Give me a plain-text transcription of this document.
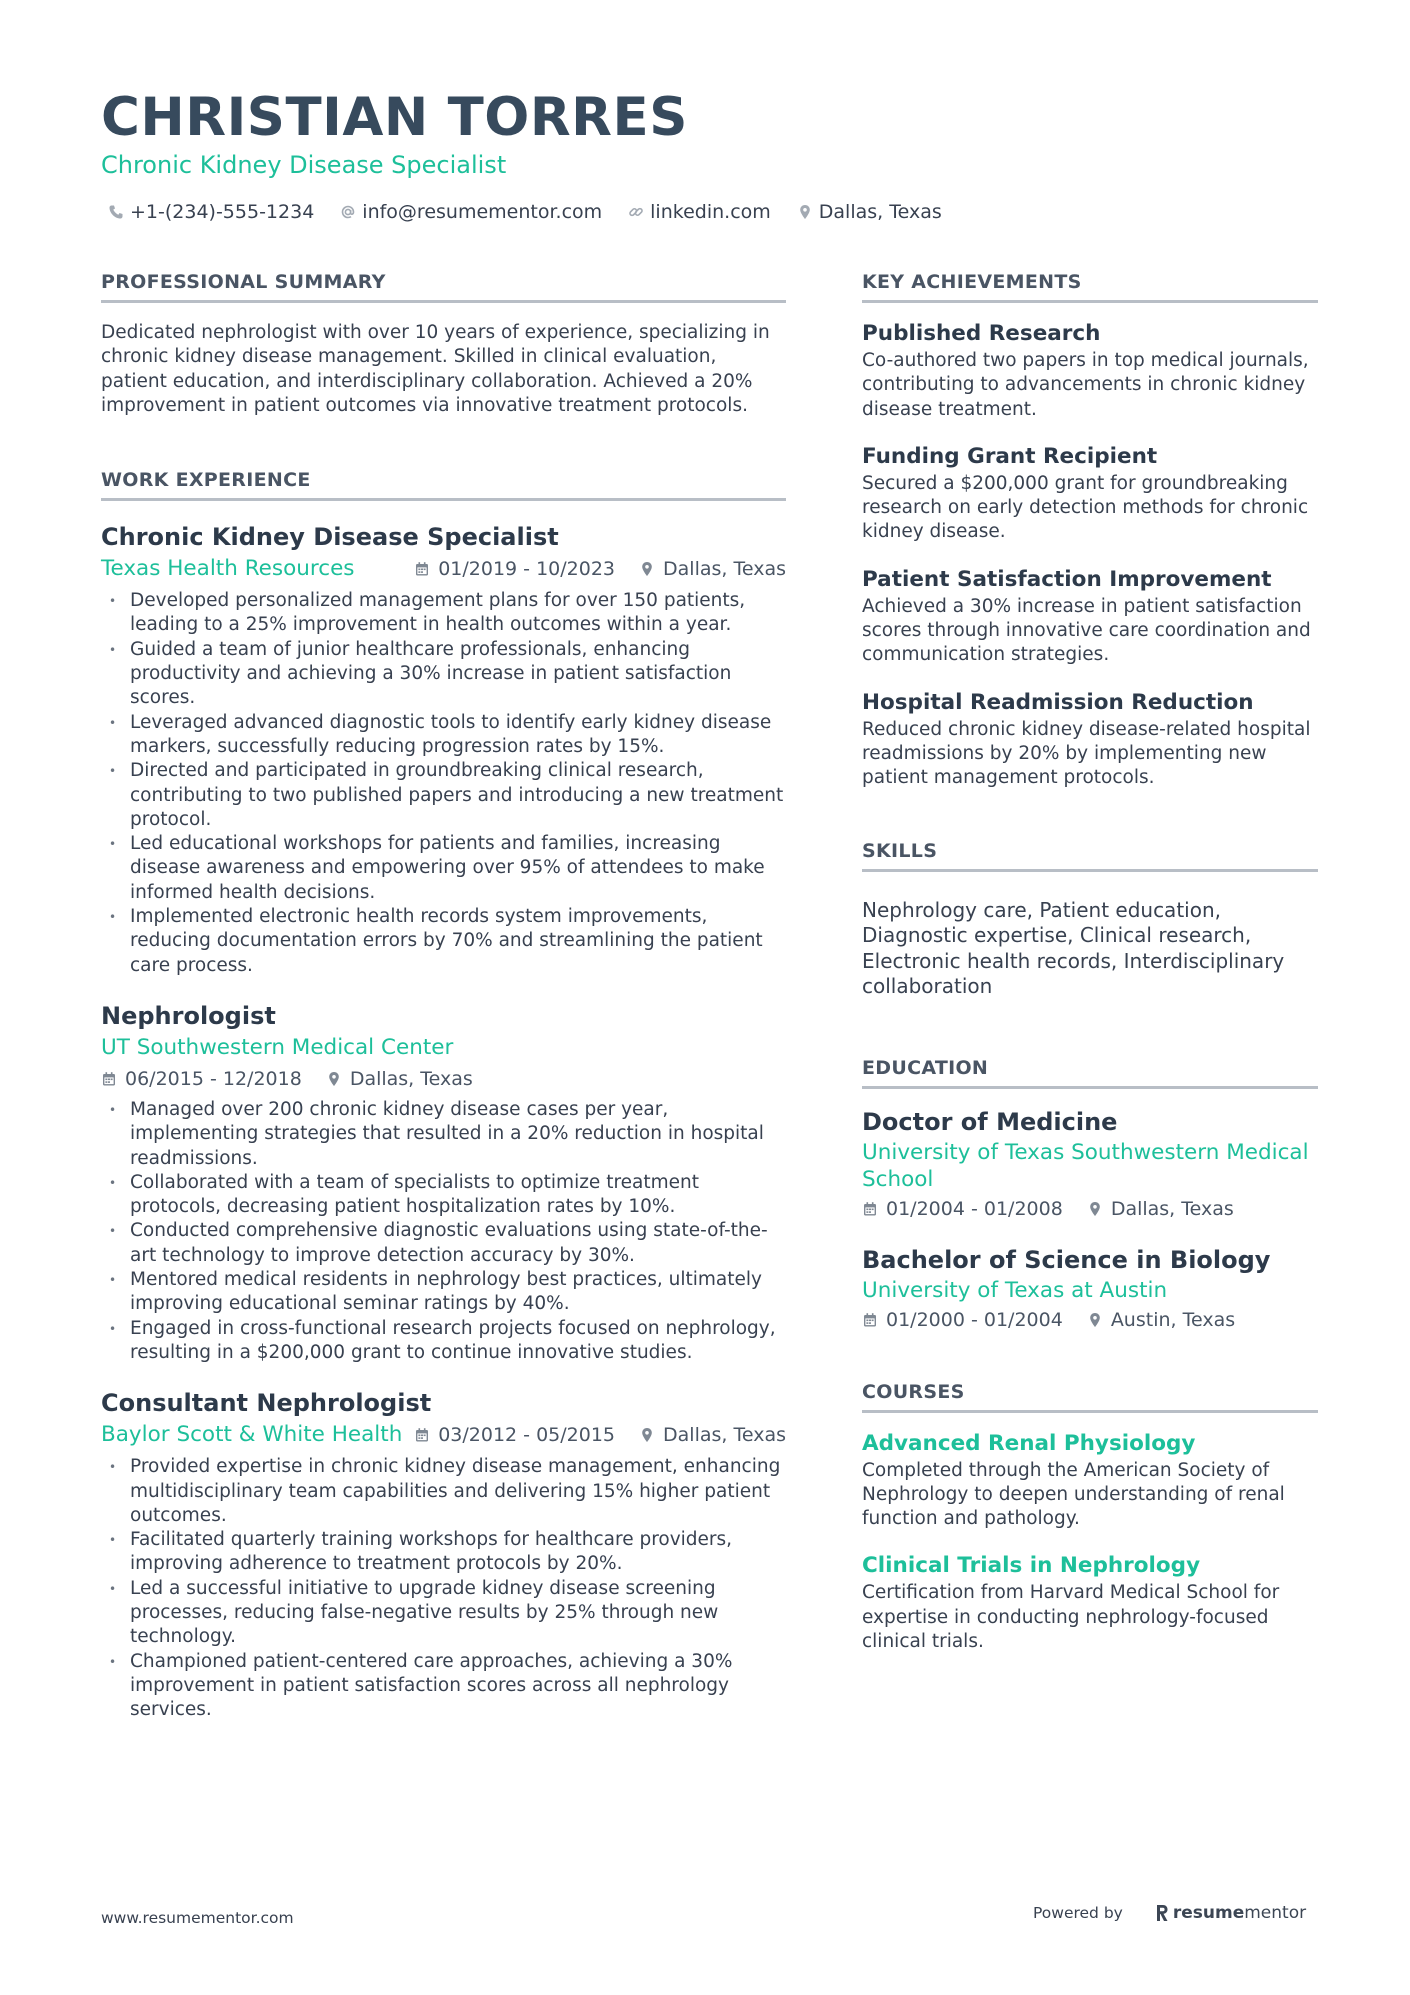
CHRISTIAN TORRES
Chronic Kidney Disease Specialist
+1-(234)-555-1234	info@resumementor.com	linkedin.com	Dallas, Texas
PROFESSIONAL SUMMARY

Dedicated nephrologist with over 10 years of experience, specializing in chronic kidney disease management. Skilled in clinical evaluation, patient education, and interdisciplinary collaboration. Achieved a 20% improvement in patient outcomes via innovative treatment protocols.

WORK EXPERIENCE
Chronic Kidney Disease Specialist
Texas Health Resources	01/2019 - 10/2023	Dallas, Texas
• Developed personalized management plans for over 150 patients, leading to a 25% improvement in health outcomes within a year.
• Guided a team of junior healthcare professionals, enhancing productivity and achieving a 30% increase in patient satisfaction scores.
• Leveraged advanced diagnostic tools to identify early kidney disease markers, successfully reducing progression rates by 15%.
• Directed and participated in groundbreaking clinical research, contributing to two published papers and introducing a new treatment protocol.
• Led educational workshops for patients and families, increasing disease awareness and empowering over 95% of attendees to make informed health decisions.
• Implemented electronic health records system improvements, reducing documentation errors by 70% and streamlining the patient care process.
Nephrologist
UT Southwestern Medical Center
06/2015 - 12/2018	Dallas, Texas
• Managed over 200 chronic kidney disease cases per year, implementing strategies that resulted in a 20% reduction in hospital readmissions.
• Collaborated with a team of specialists to optimize treatment protocols, decreasing patient hospitalization rates by 10%.
• Conducted comprehensive diagnostic evaluations using state-of-the-art technology to improve detection accuracy by 30%.
• Mentored medical residents in nephrology best practices, ultimately improving educational seminar ratings by 40%.
• Engaged in cross-functional research projects focused on nephrology, resulting in a $200,000 grant to continue innovative studies.
Consultant Nephrologist
Baylor Scott & White Health 03/2012 - 05/2015	Dallas, Texas
• Provided expertise in chronic kidney disease management, enhancing multidisciplinary team capabilities and delivering 15% higher patient outcomes.
• Facilitated quarterly training workshops for healthcare providers, improving adherence to treatment protocols by 20%.
• Led a successful initiative to upgrade kidney disease screening processes, reducing false-negative results by 25% through new technology.
• Championed patient-centered care approaches, achieving a 30% improvement in patient satisfaction scores across all nephrology services.
KEY ACHIEVEMENTS
Published Research

Co-authored two papers in top medical journals, contributing to advancements in chronic kidney disease treatment.

Funding Grant Recipient

Secured a $200,000 grant for groundbreaking research on early detection methods for chronic kidney disease.

Patient Satisfaction Improvement

Achieved a 30% increase in patient satisfaction scores through innovative care coordination and communication strategies.

Hospital Readmission Reduction

Reduced chronic kidney disease-related hospital readmissions by 20% by implementing new patient management protocols.

SKILLS

Nephrology care, Patient education, Diagnostic expertise, Clinical research, Electronic health records, Interdisciplinary collaboration

EDUCATION
Doctor of Medicine
University of Texas Southwestern Medical School
01/2004 - 01/2008	Dallas, Texas
Bachelor of Science in Biology
University of Texas at Austin
01/2000 - 01/2004	Austin, Texas
COURSES
Advanced Renal Physiology

Completed through the American Society of Nephrology to deepen understanding of renal function and pathology.

Clinical Trials in Nephrology

Certification from Harvard Medical School for expertise in conducting nephrology-focused clinical trials.

www.resumementor.com	Powered by	resume mentor
